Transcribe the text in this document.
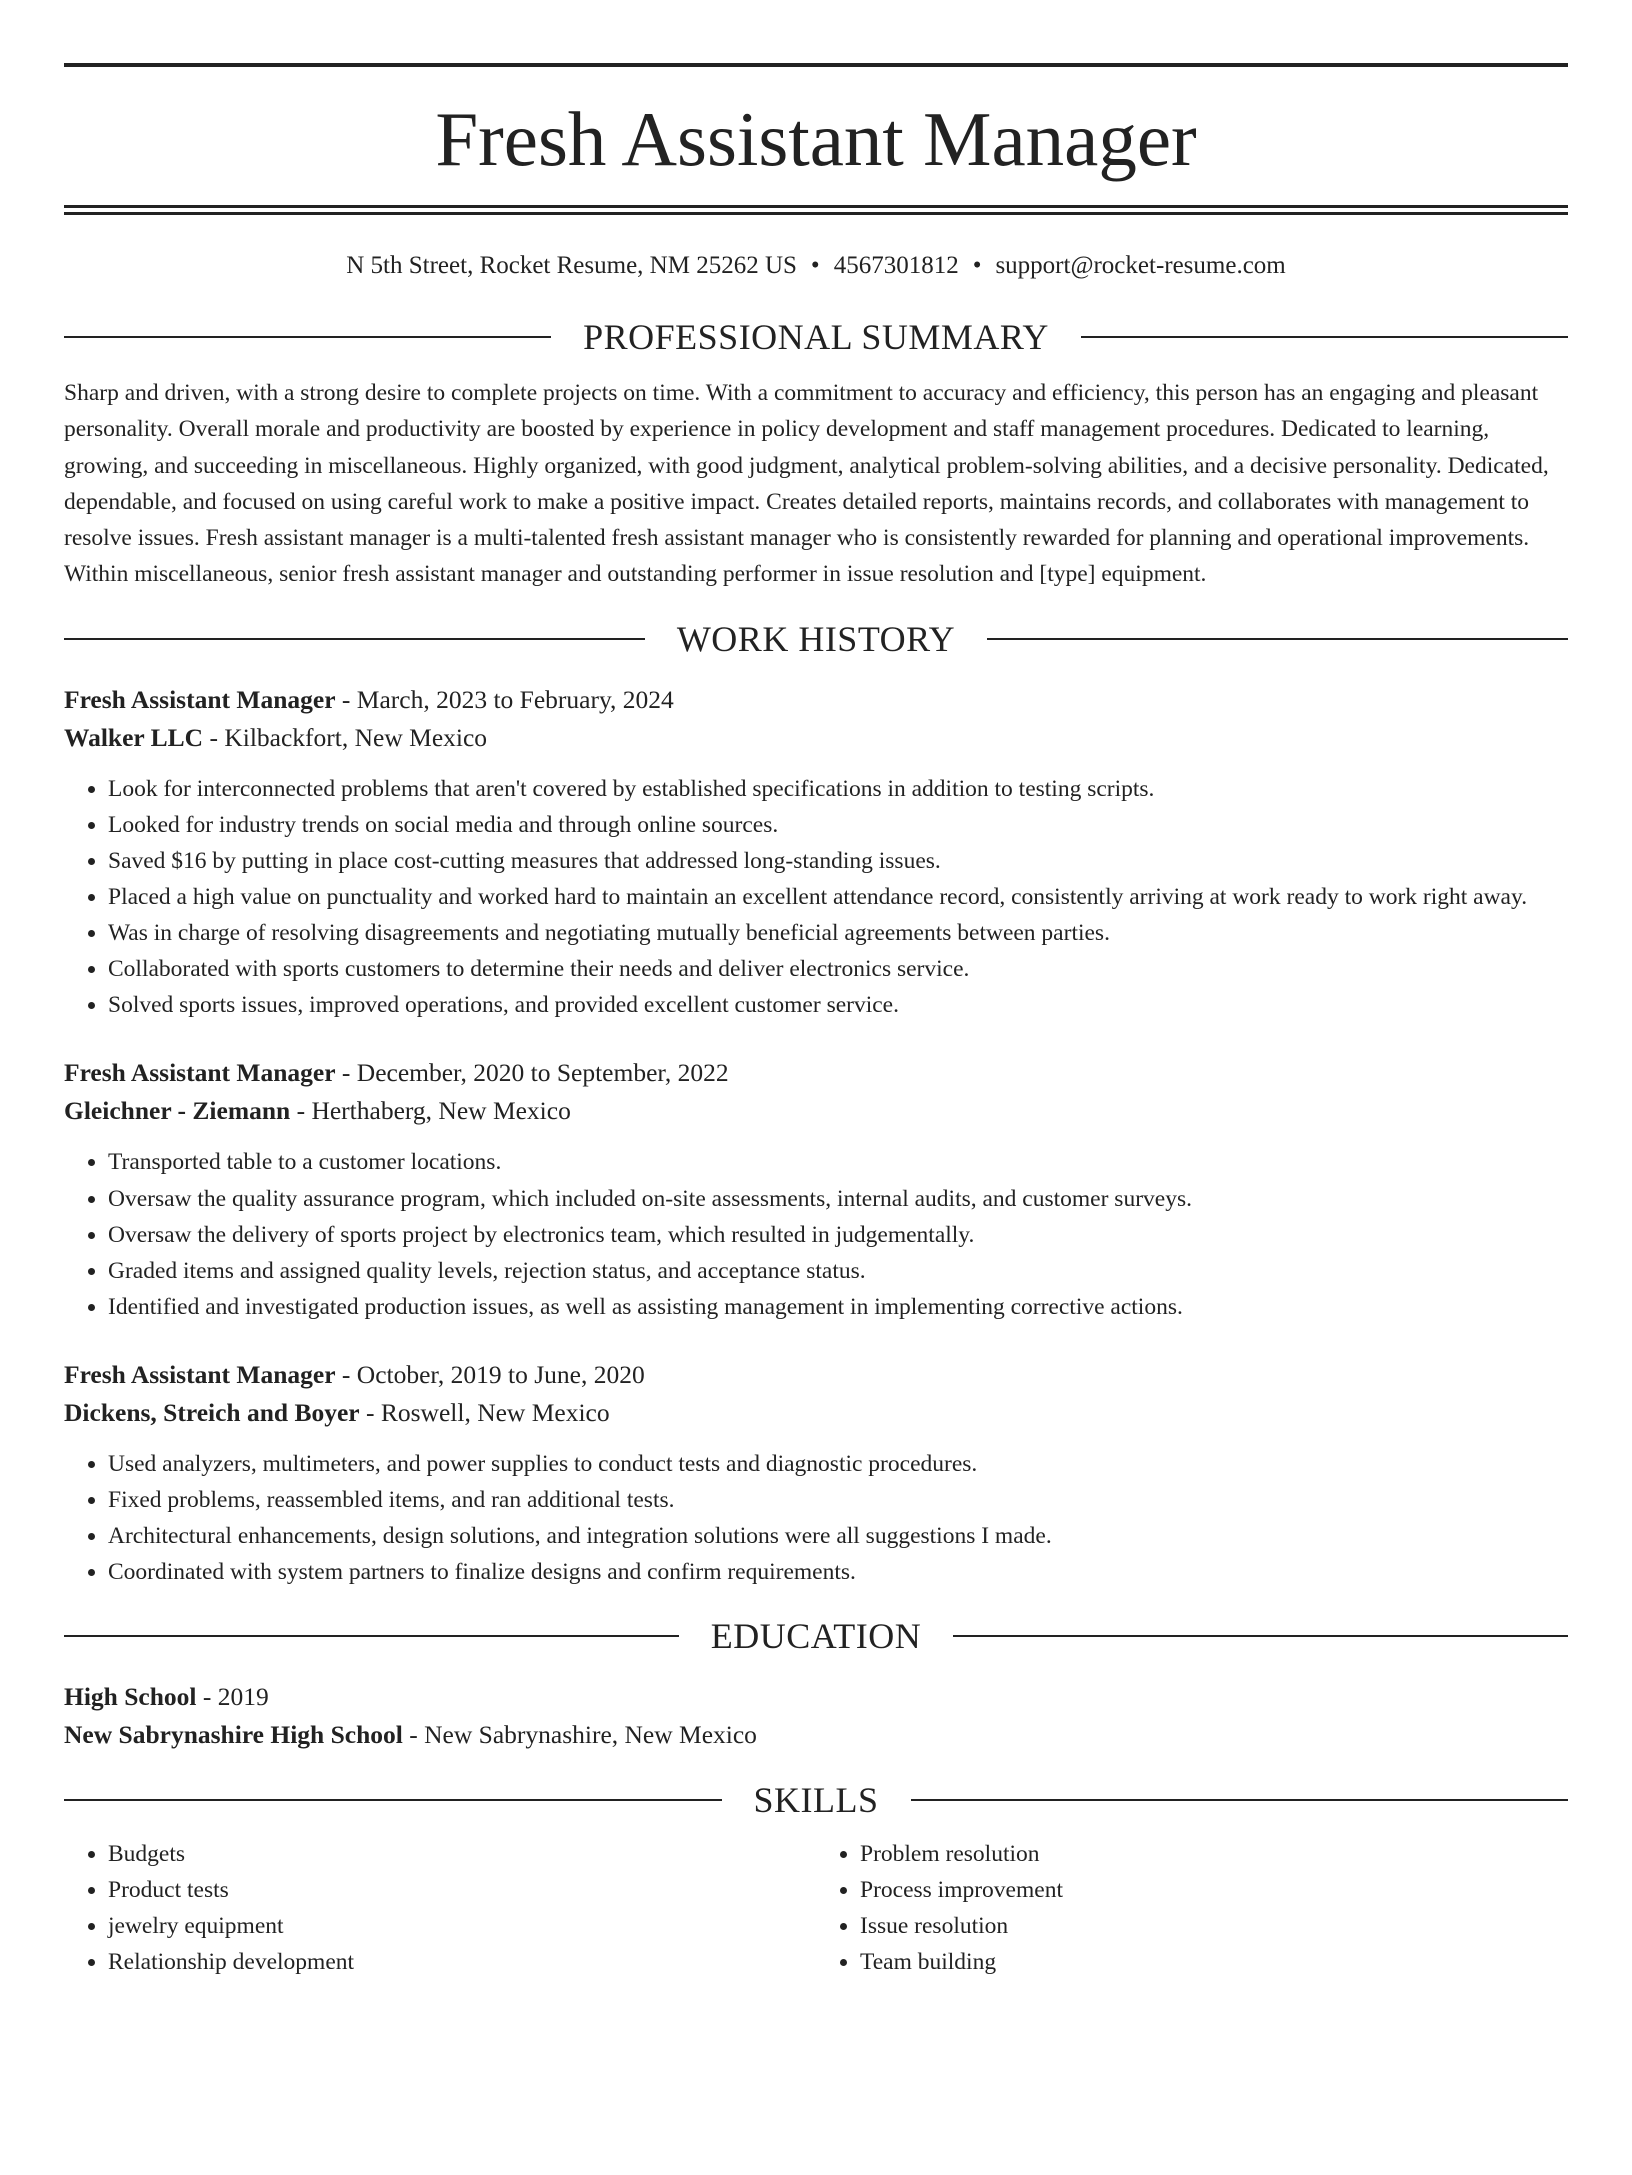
Fresh Assistant Manager
N 5th Street, Rocket Resume, NM 25262 US • 4567301812 • support@rocket-resume.com
PROFESSIONAL SUMMARY

Sharp and driven, with a strong desire to complete projects on time. With a commitment to accuracy and efficiency, this person has an engaging and pleasant personality. Overall morale and productivity are boosted by experience in policy development and staff management procedures. Dedicated to learning, growing, and succeeding in miscellaneous. Highly organized, with good judgment, analytical problem-solving abilities, and a decisive personality. Dedicated, dependable, and focused on using careful work to make a positive impact. Creates detailed reports, maintains records, and collaborates with management to resolve issues. Fresh assistant manager is a multi-talented fresh assistant manager who is consistently rewarded for planning and operational improvements. Within miscellaneous, senior fresh assistant manager and outstanding performer in issue resolution and [type] equipment.

WORK HISTORY
Fresh Assistant Manager - March, 2023 to February, 2024
Walker LLC - Kilbackfort, New Mexico
• Look for interconnected problems that aren't covered by established specifications in addition to testing scripts.
• Looked for industry trends on social media and through online sources.
• Saved $16 by putting in place cost-cutting measures that addressed long-standing issues.
• Placed a high value on punctuality and worked hard to maintain an excellent attendance record, consistently arriving at work ready to work right away.
• Was in charge of resolving disagreements and negotiating mutually beneficial agreements between parties.
• Collaborated with sports customers to determine their needs and deliver electronics service.
• Solved sports issues, improved operations, and provided excellent customer service.
Fresh Assistant Manager - December, 2020 to September, 2022
Gleichner - Ziemann - Herthaberg, New Mexico
• Transported table to a customer locations.
• Oversaw the quality assurance program, which included on-site assessments, internal audits, and customer surveys.
• Oversaw the delivery of sports project by electronics team, which resulted in judgementally.
• Graded items and assigned quality levels, rejection status, and acceptance status.
• Identified and investigated production issues, as well as assisting management in implementing corrective actions.
Fresh Assistant Manager - October, 2019 to June, 2020
Dickens, Streich and Boyer - Roswell, New Mexico
• Used analyzers, multimeters, and power supplies to conduct tests and diagnostic procedures.
• Fixed problems, reassembled items, and ran additional tests.
• Architectural enhancements, design solutions, and integration solutions were all suggestions I made.
• Coordinated with system partners to finalize designs and confirm requirements.
EDUCATION
High School - 2019
New Sabrynashire High School - New Sabrynashire, New Mexico
SKILLS
• Budgets
• Product tests
• jewelry equipment
• Relationship development
• Problem resolution
• Process improvement
• Issue resolution
• Team building
